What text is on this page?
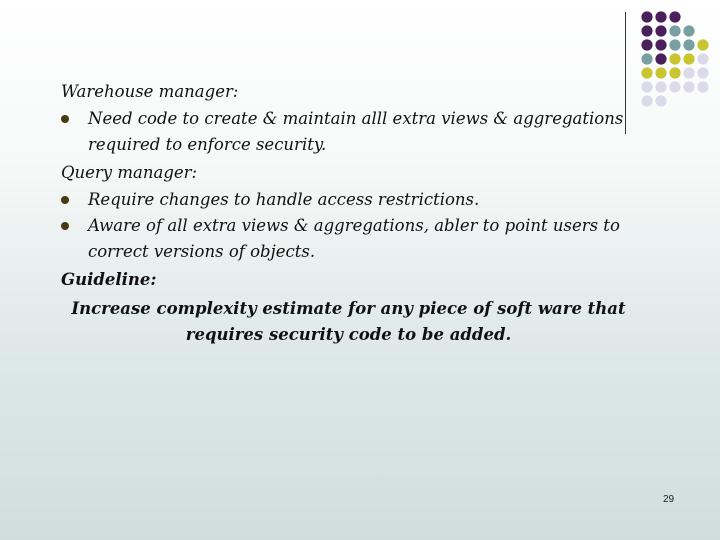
Warehouse manager:
Need code to create & maintain alll extra views & aggregations required to enforce security.
Query manager:
Require changes to handle access restrictions.
Aware of all extra views & aggregations, abler to point users to correct versions of objects.
Guideline:
Increase complexity estimate for any piece of soft ware that requires security code to be added.
29
